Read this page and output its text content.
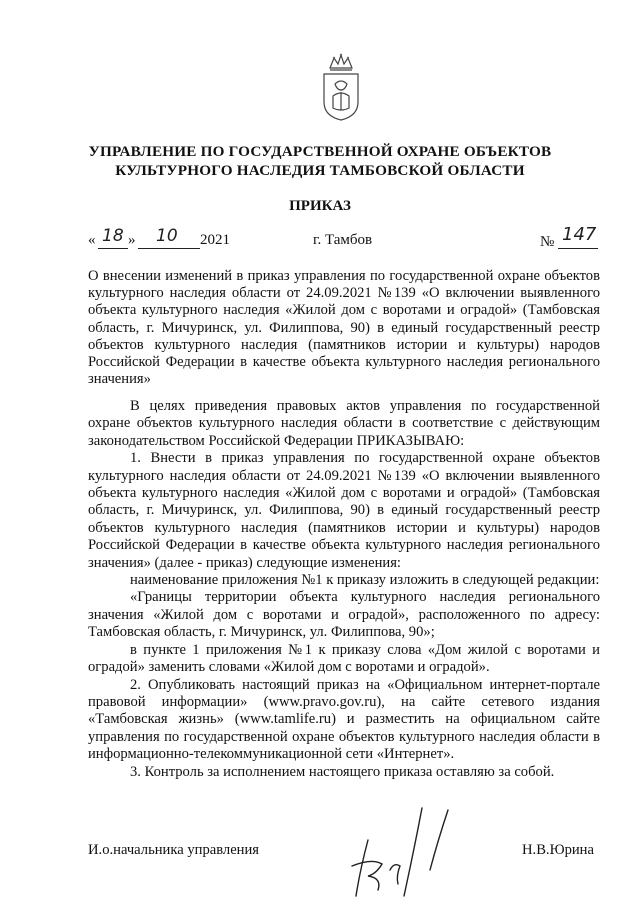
УПРАВЛЕНИЕ ПО ГОСУДАРСТВЕННОЙ ОХРАНЕ ОБЪЕКТОВ
КУЛЬТУРНОГО НАСЛЕДИЯ ТАМБОВСКОЙ ОБЛАСТИ
ПРИКАЗ
« 18 » 10 2021	г. Тамбов	№ 147
О внесении изменений в приказ управления по государственной охране объектов культурного наследия области от 24.09.2021 №139 «О включении выявленного объекта культурного наследия «Жилой дом с воротами и оградой» (Тамбовская область, г. Мичуринск, ул. Филиппова, 90) в единый государственный реестр объектов культурного наследия (памятников истории и культуры) народов Российской Федерации в качестве объекта культурного наследия регионального значения»

В целях приведения правовых актов управления по государственной охране объектов культурного наследия области в соответствие с действующим законодательством Российской Федерации ПРИКАЗЫВАЮ:

1. Внести в приказ управления по государственной охране объектов культурного наследия области от 24.09.2021 №139 «О включении выявленного объекта культурного наследия «Жилой дом с воротами и оградой» (Тамбовская область, г. Мичуринск, ул. Филиппова, 90) в единый государственный реестр объектов культурного наследия (памятников истории и культуры) народов Российской Федерации в качестве объекта культурного наследия регионального значения» (далее - приказ) следующие изменения:

наименование приложения №1 к приказу изложить в следующей редакции:

«Границы территории объекта культурного наследия регионального значения «Жилой дом с воротами и оградой», расположенного по адресу: Тамбовская область, г. Мичуринск, ул. Филиппова, 90»;

в пункте 1 приложения №1 к приказу слова «Дом жилой с воротами и оградой» заменить словами «Жилой дом с воротами и оградой».

2. Опубликовать настоящий приказ на «Официальном интернет-портале правовой информации» (www.pravo.gov.ru), на сайте сетевого издания «Тамбовская жизнь» (www.tamlife.ru) и разместить на официальном сайте управления по государственной охране объектов культурного наследия области в информационно-телекоммуникационной сети «Интернет».

3. Контроль за исполнением настоящего приказа оставляю за собой.

И.о.начальника управления	Н.В.Юрина
